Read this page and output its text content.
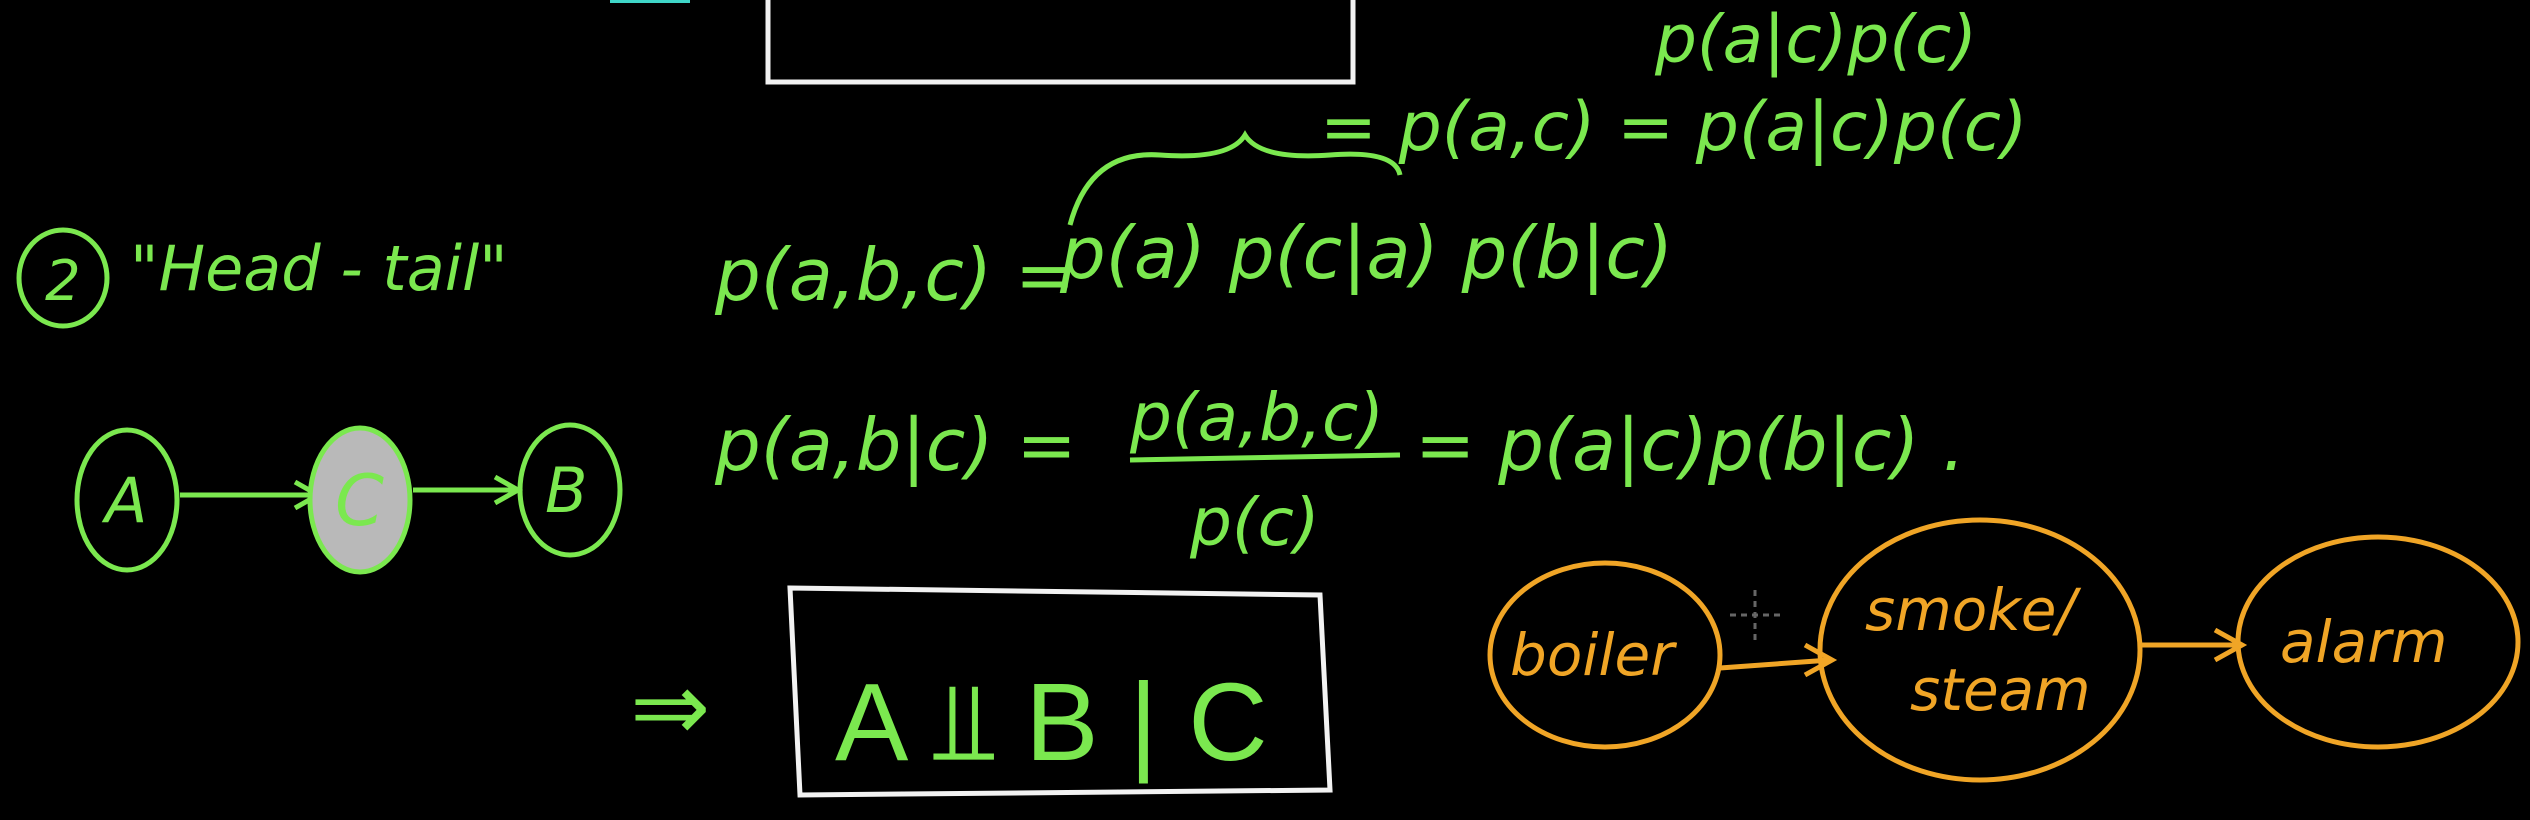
p(a|c)p(c)
2 "Head - tail"
= p(a,c) = p(a|c)p(c)
p(a,b,c) =
p(a) p(c|a) p(b|c)
p(a,b|c) = p(a,b,c)
p(c)
= p(a|c)p(b|c) .
A	C	B
⇒ A ⫫ B | C
boiler
smoke/
steam
alarm
